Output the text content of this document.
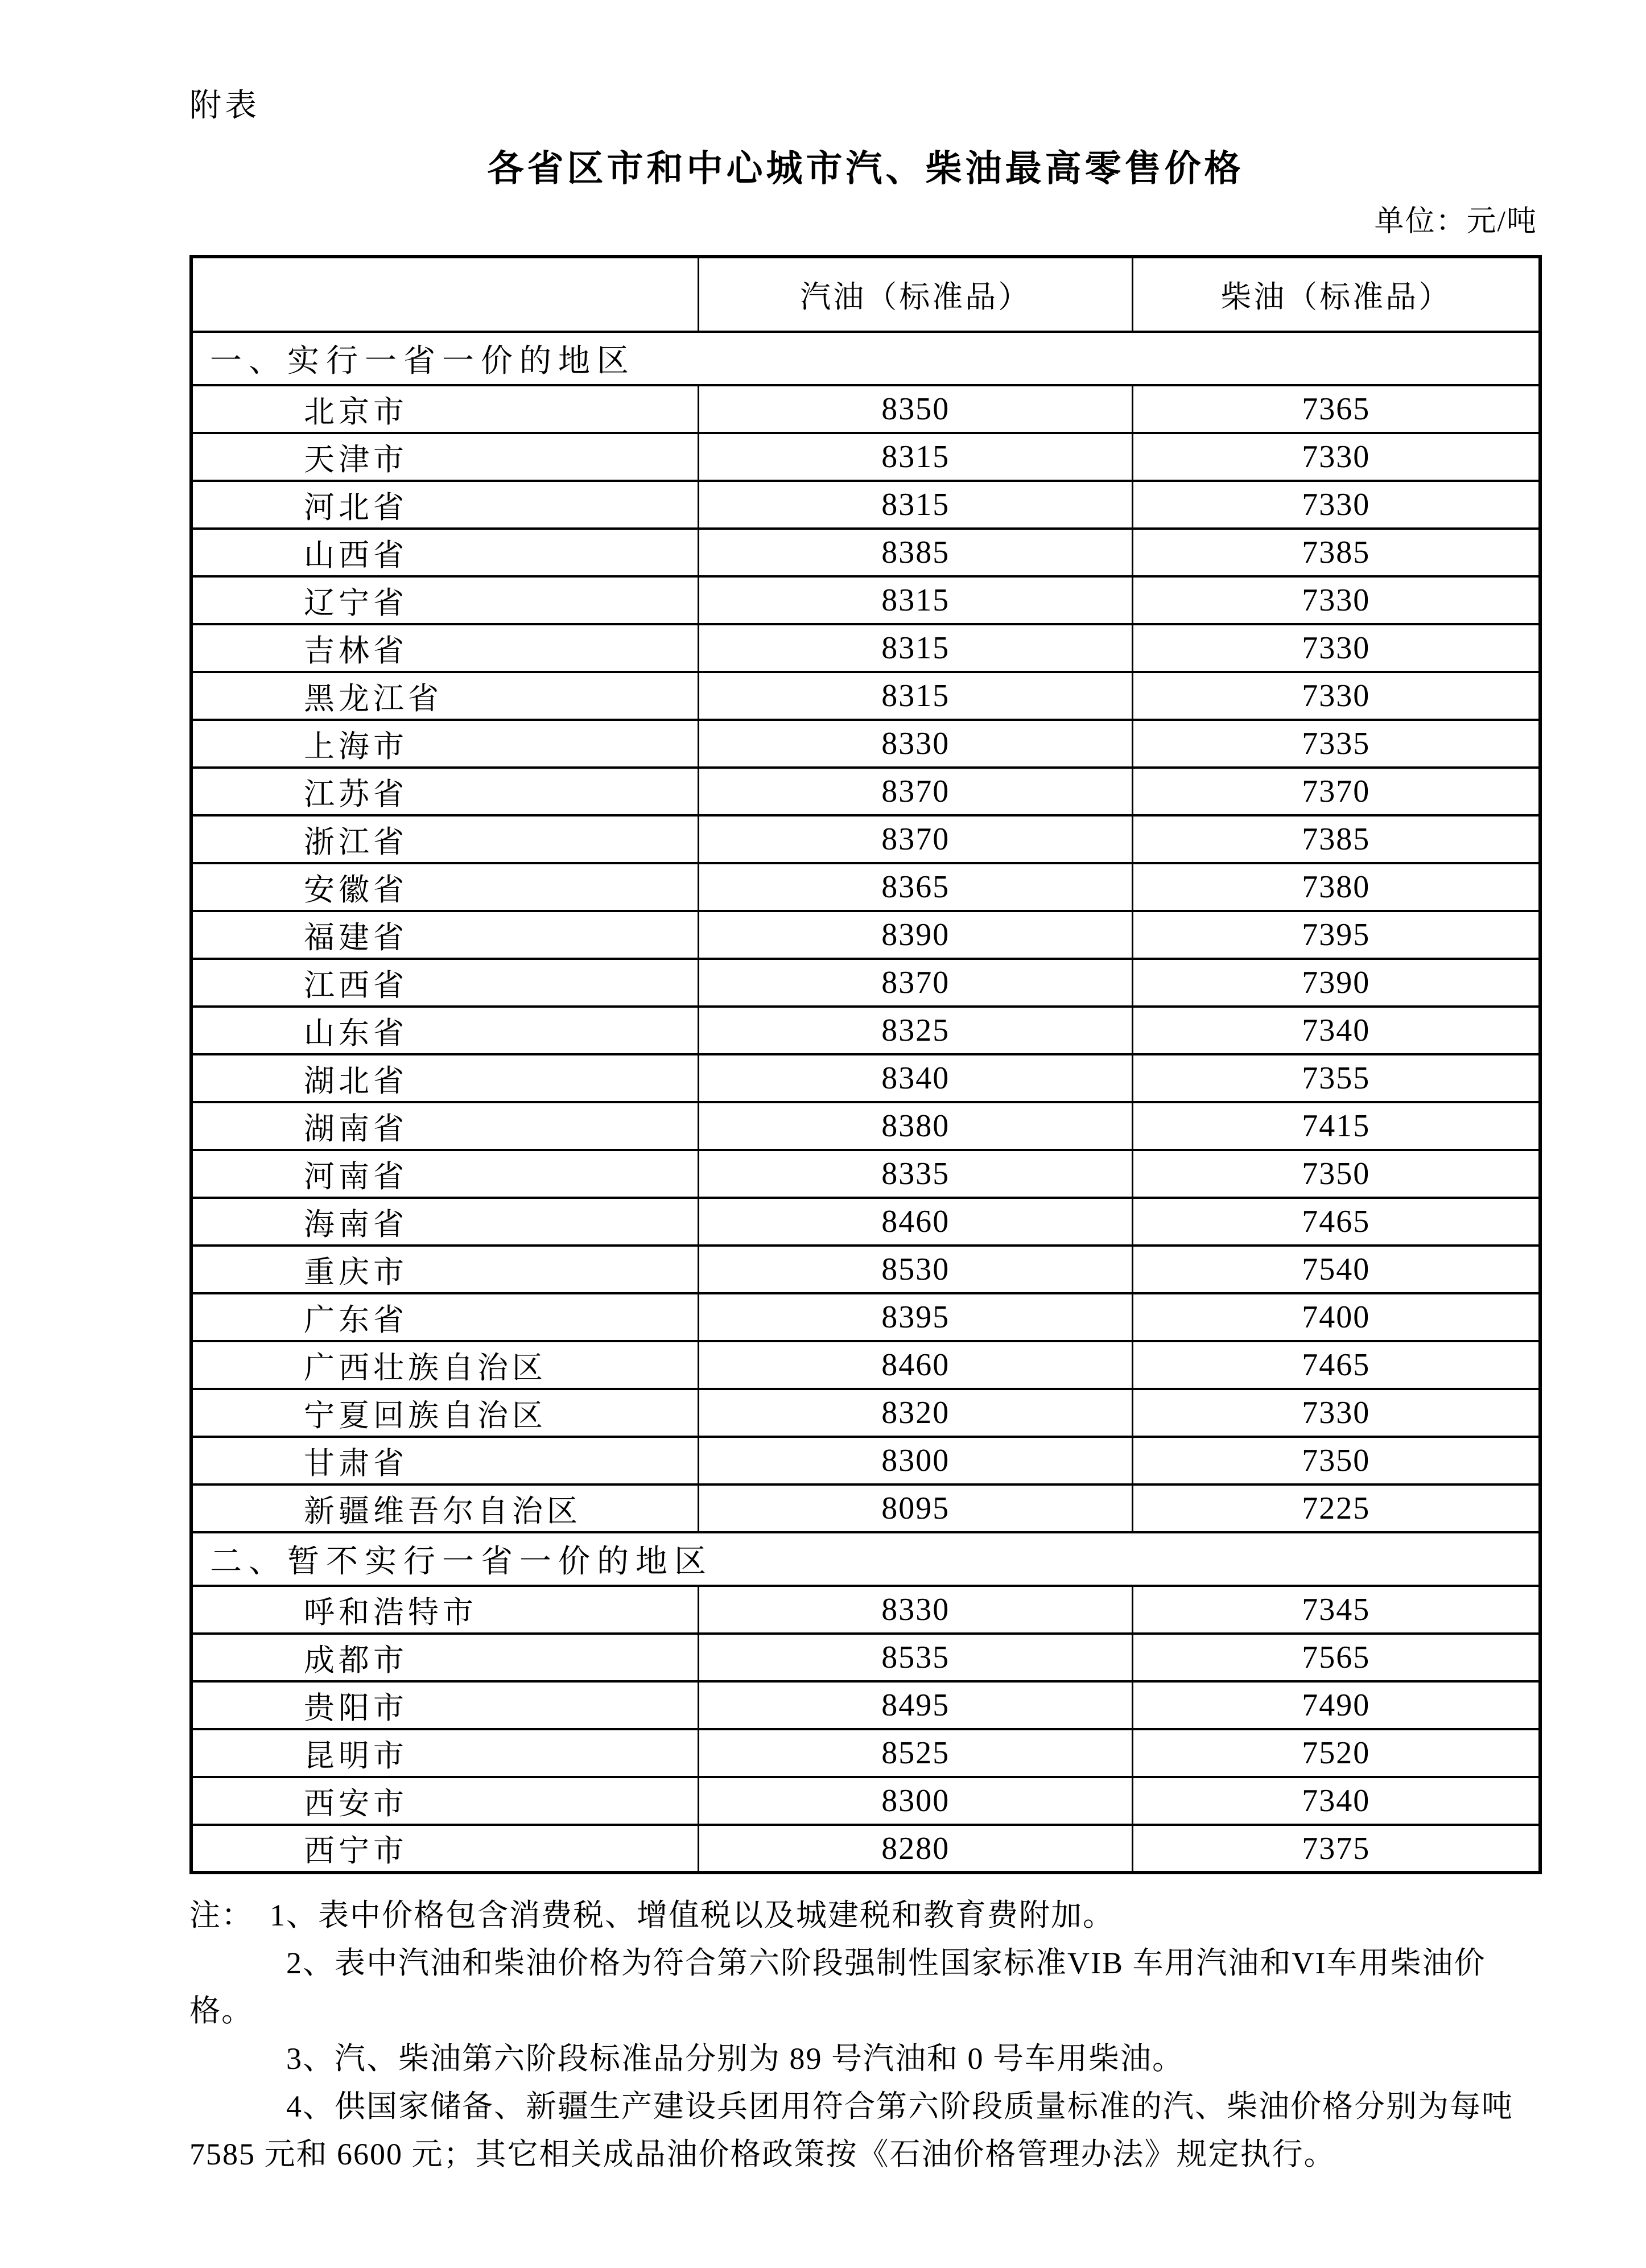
附表
各省区市和中心城市汽、柴油最高零售价格
单位：元/吨
	汽油（标准品）	柴油（标准品）
一、实行一省一价的地区		
北京市	8350	7365
天津市	8315	7330
河北省	8315	7330
山西省	8385	7385
辽宁省	8315	7330
吉林省	8315	7330
黑龙江省	8315	7330
上海市	8330	7335
江苏省	8370	7370
浙江省	8370	7385
安徽省	8365	7380
福建省	8390	7395
江西省	8370	7390
山东省	8325	7340
湖北省	8340	7355
湖南省	8380	7415
河南省	8335	7350
海南省	8460	7465
重庆市	8530	7540
广东省	8395	7400
广西壮族自治区	8460	7465
宁夏回族自治区	8320	7330
甘肃省	8300	7350
新疆维吾尔自治区	8095	7225
二、暂不实行一省一价的地区		
呼和浩特市	8330	7345
成都市	8535	7565
贵阳市	8495	7490
昆明市	8525	7520
西安市	8300	7340
西宁市	8280	7375
注：　1、表中价格包含消费税、增值税以及城建税和教育费附加。
2、表中汽油和柴油价格为符合第六阶段强制性国家标准VIB 车用汽油和VI车用柴油价
格。
3、汽、柴油第六阶段标准品分别为 89 号汽油和 0 号车用柴油。
4、供国家储备、新疆生产建设兵团用符合第六阶段质量标准的汽、柴油价格分别为每吨
7585 元和 6600 元；其它相关成品油价格政策按《石油价格管理办法》规定执行。
